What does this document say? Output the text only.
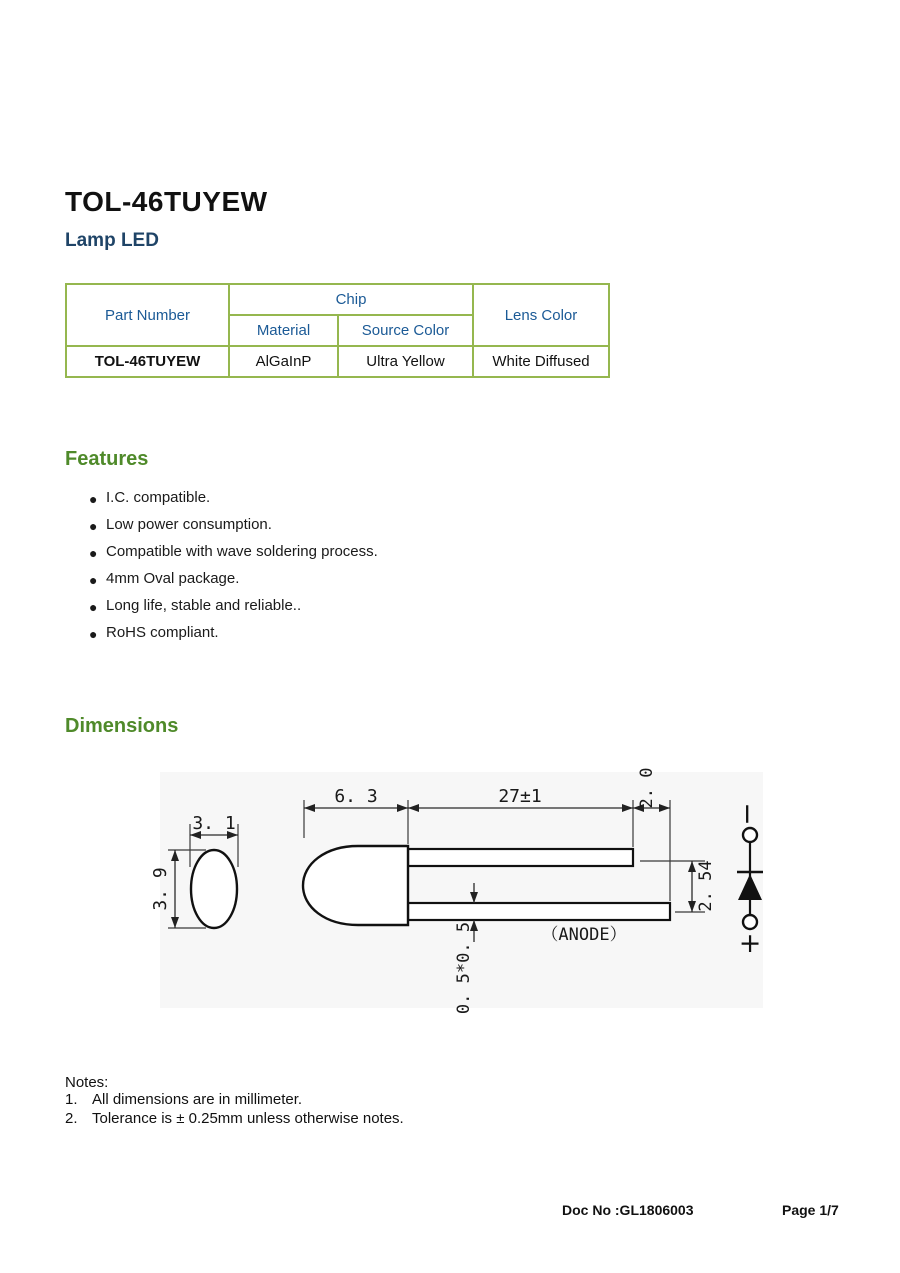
TOL-46TUYEW
Lamp LED
Part Number	Chip		Lens Color
	Material	Source Color	
TOL-46TUYEW	AlGaInP	Ultra Yellow	White Diffused
Features
● I.C. compatible.
● Low power consumption.
● Compatible with wave soldering process.
● 4mm Oval package.
● Long life, stable and reliable..
● RoHS compliant.
Dimensions
3. 1
3. 9
6. 3	27±1	2. 0
2. 54
0. 5*0. 5	（ANODE）
−
+
Notes:
1. All dimensions are in millimeter.
2. Tolerance is ± 0.25mm unless otherwise notes.
Doc No :GL1806003	Page 1/7
